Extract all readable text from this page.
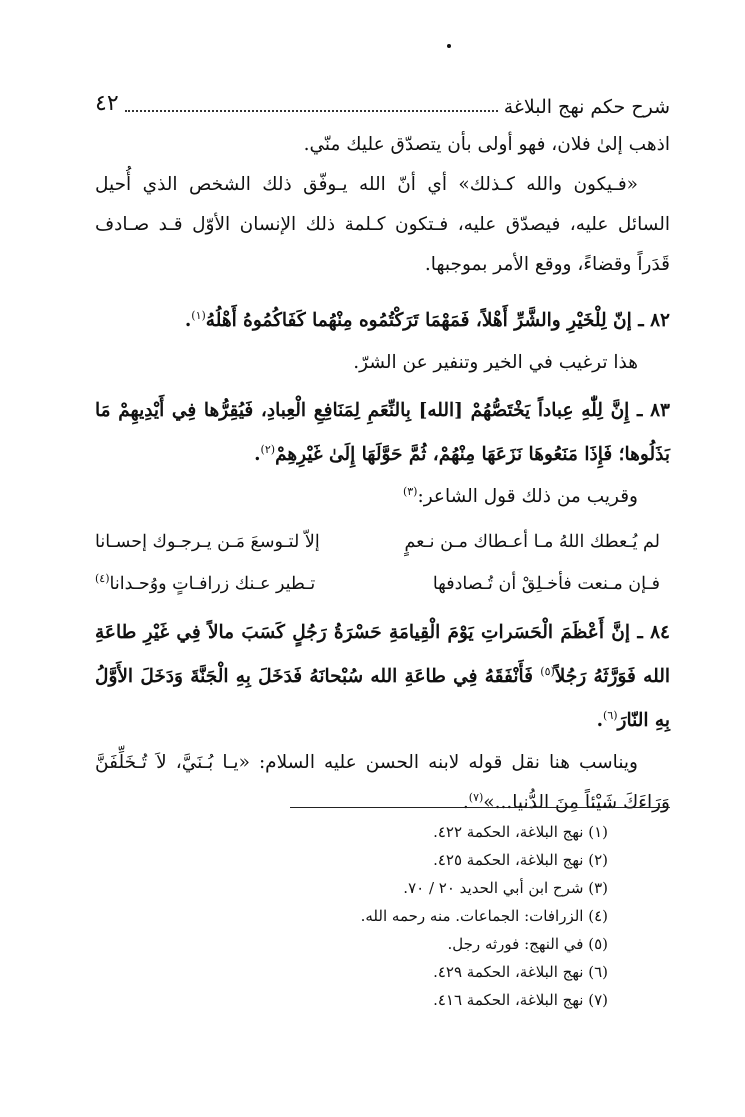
شرح حكم نهج البلاغة
٤٢

اذهب إلىٰ فلان، فهو أولى بأن يتصدّق عليك منّي.

«فـيكون والله كـذلك» أي أنّ الله يـوفّق ذلك الشخص الذي أُحيل السائل عليه، فيصدّق عليه، فـتكون كـلمة ذلك الإنسان الأوّل قـد صـادف قَدَراً وقضاءً، ووقع الأمر بموجبها.

٨٢ ـ إنّ لِلْخَيْرِ والشَّرِّ أَهْلاً، فَمَهْمَا تَرَكْتُمُوه مِنْهُما كَفَاكُمُوهُ أَهْلُهُ$^{(١)}$.

هذا ترغيب في الخير وتنفير عن الشرّ.

٨٣ ـ إِنَّ لِلّٰهِ عِباداً يَخْتَصُّهُمْ [الله] بِالنِّعَمِ لِمَنَافِعِ الْعِبادِ، فَيُقِرُّها فِي أَيْدِيهِمْ مَا بَذَلُوها؛ فَإِذَا مَنَعُوهَا نَزَعَهَا مِنْهُمْ، ثُمَّ حَوَّلَهَا إِلَىٰ غَيْرِهِمْ$^{(٢)}$.

وقريب من ذلك قول الشاعر:$^{(٣)}$

لم يُـعطك اللهُ مـا أعـطاك مـن نـعمٍ
إلاّ لتـوسعَ مَـن يـرجـوك إحسـانا
فـإن مـنعت فأخـلِقْ أن تُـصادفها
تـطير عـنك زرافـاتٍ ووُحـدانا$^{(٤)}$

٨٤ ـ إنَّ أَعْظَمَ الْحَسَراتِ يَوْمَ الْقِيامَةِ حَسْرَةُ رَجُلٍ كَسَبَ مالاً فِي غَيْرِ طاعَةِ الله فَوَرَّثَهُ رَجُلاً$^{(٥)}$ فَأَنْفَقَهُ فِي طاعَةِ الله سُبْحانَهُ فَدَخَلَ بِهِ الْجَنَّةَ وَدَخَلَ الأَوَّلُ بِهِ النّارَ$^{(٦)}$.

ويناسب هنا نقل قوله لابنه الحسن عليه السلام: «يـا بُـنَيَّ، لاَ تُـخَلِّفَنَّ وَرَاءَكَ شَيْئاً مِنَ الدُّنيا...»$^{(٧)}$.

(١) نهج البلاغة، الحكمة ٤٢٢.
(٢) نهج البلاغة، الحكمة ٤٢٥.
(٣) شرح ابن أبي الحديد ٢٠ / ٧٠.
(٤) الزرافات: الجماعات. منه رحمه الله.
(٥) في النهج: فورثه رجل.
(٦) نهج البلاغة، الحكمة ٤٢٩.
(٧) نهج البلاغة، الحكمة ٤١٦.
